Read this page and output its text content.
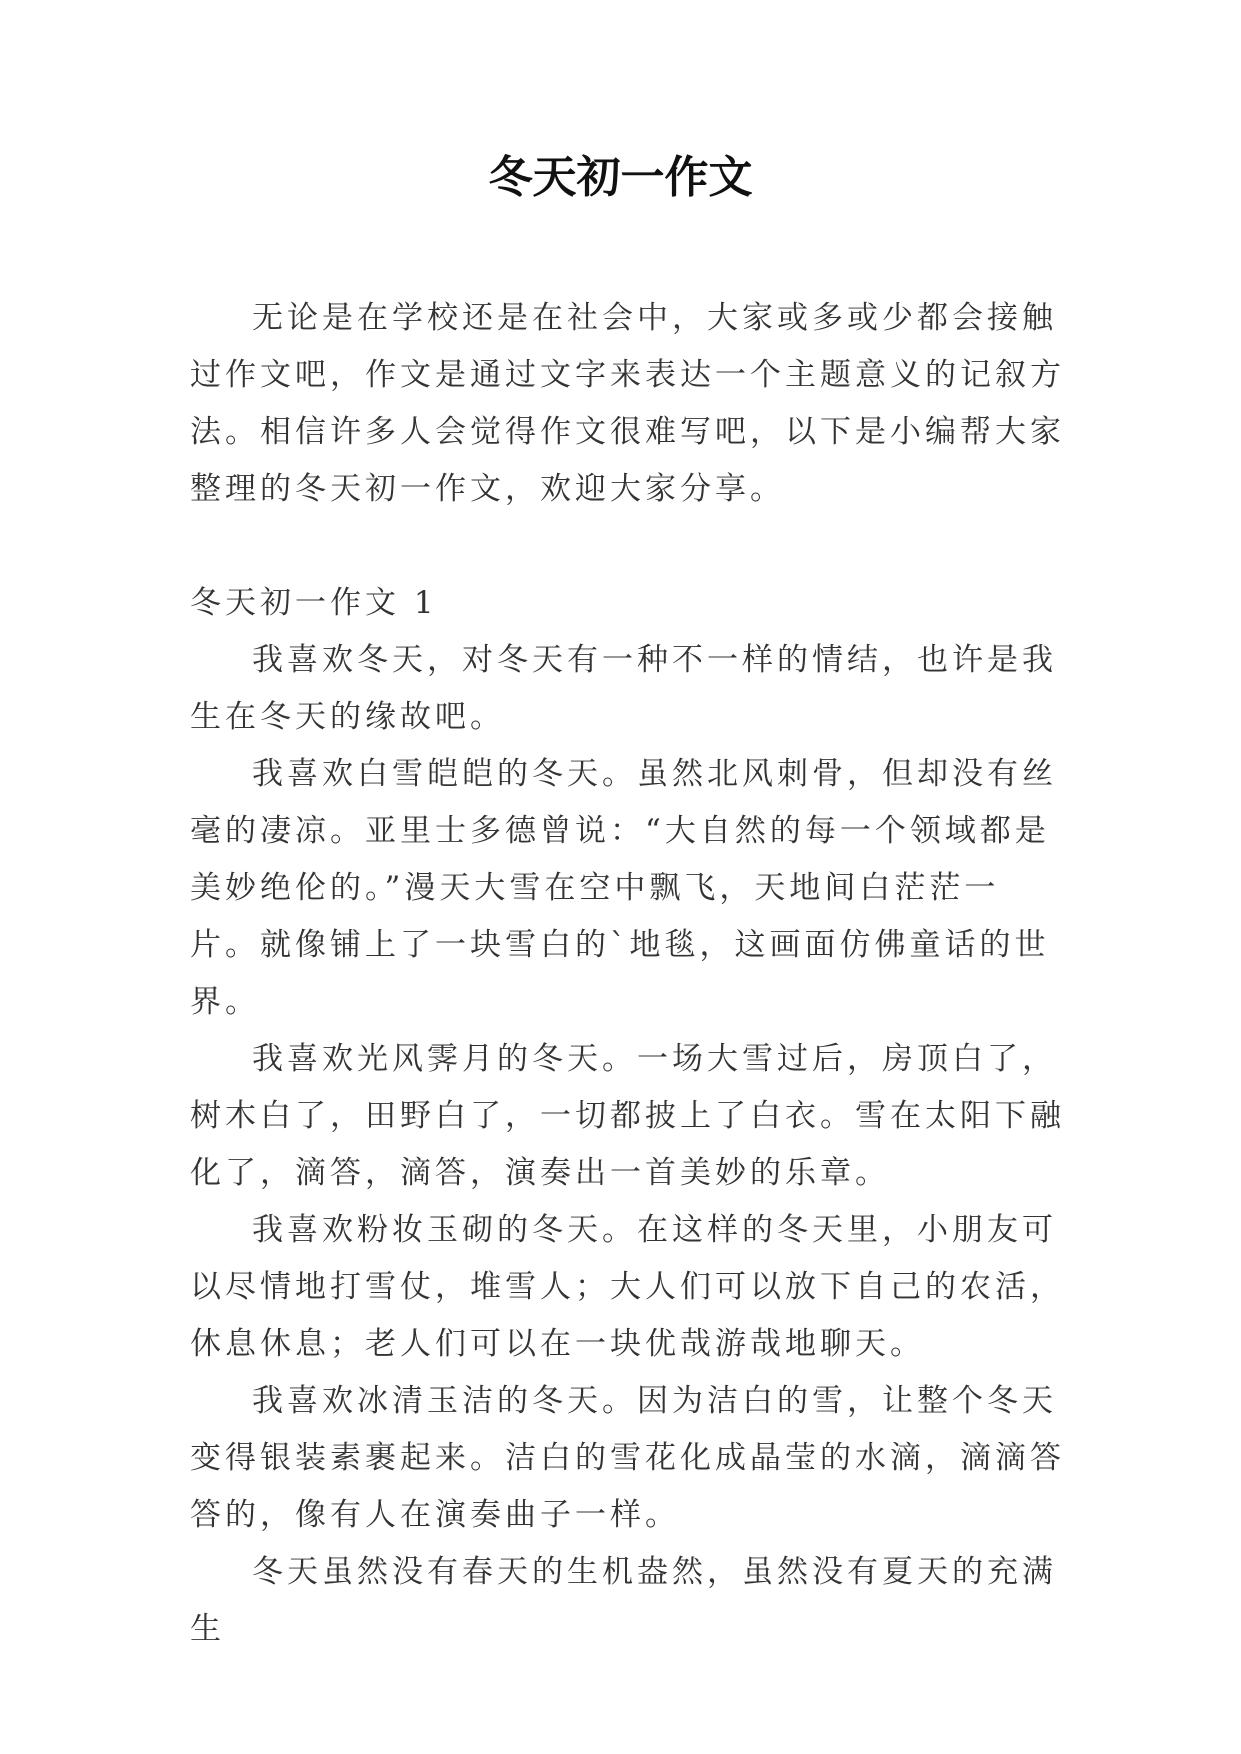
冬天初一作文

无论是在学校还是在社会中，大家或多或少都会接触过作文吧，作文是通过文字来表达一个主题意义的记叙方法。相信许多人会觉得作文很难写吧，以下是小编帮大家整理的冬天初一作文，欢迎大家分享。

冬天初一作文 1

我喜欢冬天，对冬天有一种不一样的情结，也许是我生在冬天的缘故吧。

我喜欢白雪皑皑的冬天。虽然北风刺骨，但却没有丝毫的凄凉。亚里士多德曾说：“大自然的每一个领域都是美妙绝伦的。”漫天大雪在空中飘飞，天地间白茫茫一片。就像铺上了一块雪白的`地毯，这画面仿佛童话的世界。

我喜欢光风霁月的冬天。一场大雪过后，房顶白了，树木白了，田野白了，一切都披上了白衣。雪在太阳下融化了，滴答，滴答，演奏出一首美妙的乐章。

我喜欢粉妆玉砌的冬天。在这样的冬天里，小朋友可以尽情地打雪仗，堆雪人；大人们可以放下自己的农活，休息休息；老人们可以在一块优哉游哉地聊天。

我喜欢冰清玉洁的冬天。因为洁白的雪，让整个冬天变得银装素裹起来。洁白的雪花化成晶莹的水滴，滴滴答答的，像有人在演奏曲子一样。

冬天虽然没有春天的生机盎然，虽然没有夏天的充满生
